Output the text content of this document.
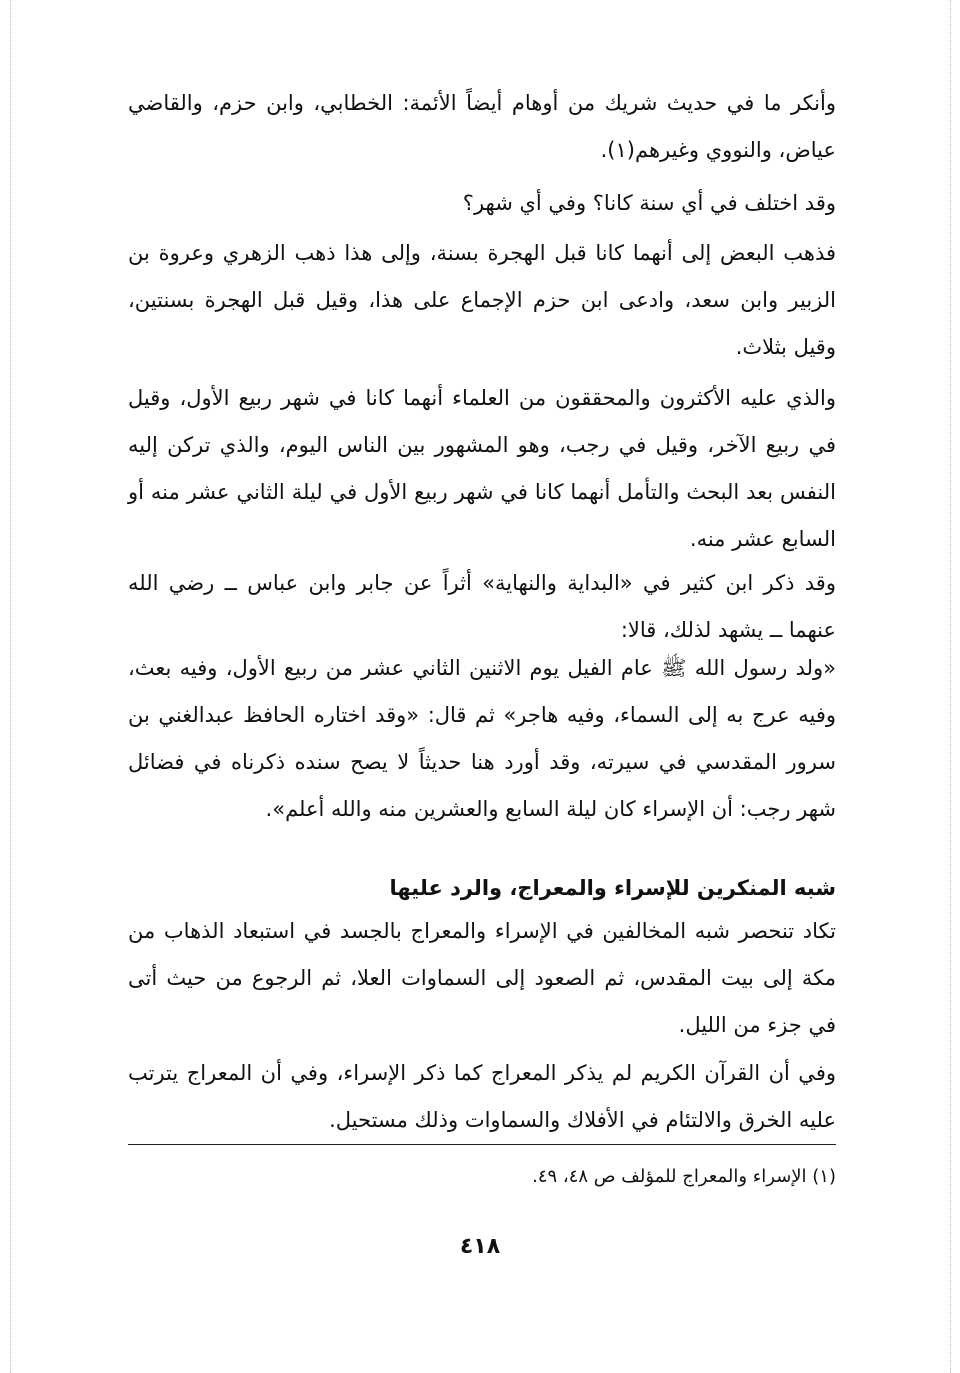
وأنكر ما في حديث شريك من أوهام أيضاً الأئمة: الخطابي، وابن حزم، والقاضي عياض، والنووي وغيرهم(١).

وقد اختلف في أي سنة كانا؟ وفي أي شهر؟

فذهب البعض إلى أنهما كانا قبل الهجرة بسنة، وإلى هذا ذهب الزهري وعروة بن الزبير وابن سعد، وادعى ابن حزم الإجماع على هذا، وقيل قبل الهجرة بسنتين، وقيل بثلاث.

والذي عليه الأكثرون والمحققون من العلماء أنهما كانا في شهر ربيع الأول، وقيل في ربيع الآخر، وقيل في رجب، وهو المشهور بين الناس اليوم، والذي تركن إليه النفس بعد البحث والتأمل أنهما كانا في شهر ربيع الأول في ليلة الثاني عشر منه أو السابع عشر منه.

وقد ذكر ابن كثير في «البداية والنهاية» أثراً عن جابر وابن عباس ــ رضي الله عنهما ــ يشهد لذلك، قالا:

«ولد رسول الله ﷺ عام الفيل يوم الاثنين الثاني عشر من ربيع الأول، وفيه بعث، وفيه عرج به إلى السماء، وفيه هاجر» ثم قال: «وقد اختاره الحافظ عبدالغني بن سرور المقدسي في سيرته، وقد أورد هنا حديثاً لا يصح سنده ذكرناه في فضائل شهر رجب: أن الإسراء كان ليلة السابع والعشرين منه والله أعلم».

شبه المنكرين للإسراء والمعراج، والرد عليها

تكاد تنحصر شبه المخالفين في الإسراء والمعراج بالجسد في استبعاد الذهاب من مكة إلى بيت المقدس، ثم الصعود إلى السماوات العلا، ثم الرجوع من حيث أتى في جزء من الليل.

وفي أن القرآن الكريم لم يذكر المعراج كما ذكر الإسراء، وفي أن المعراج يترتب عليه الخرق والالتئام في الأفلاك والسماوات وذلك مستحيل.

(١) الإسراء والمعراج للمؤلف ص ٤٨، ٤٩.

٤١٨
